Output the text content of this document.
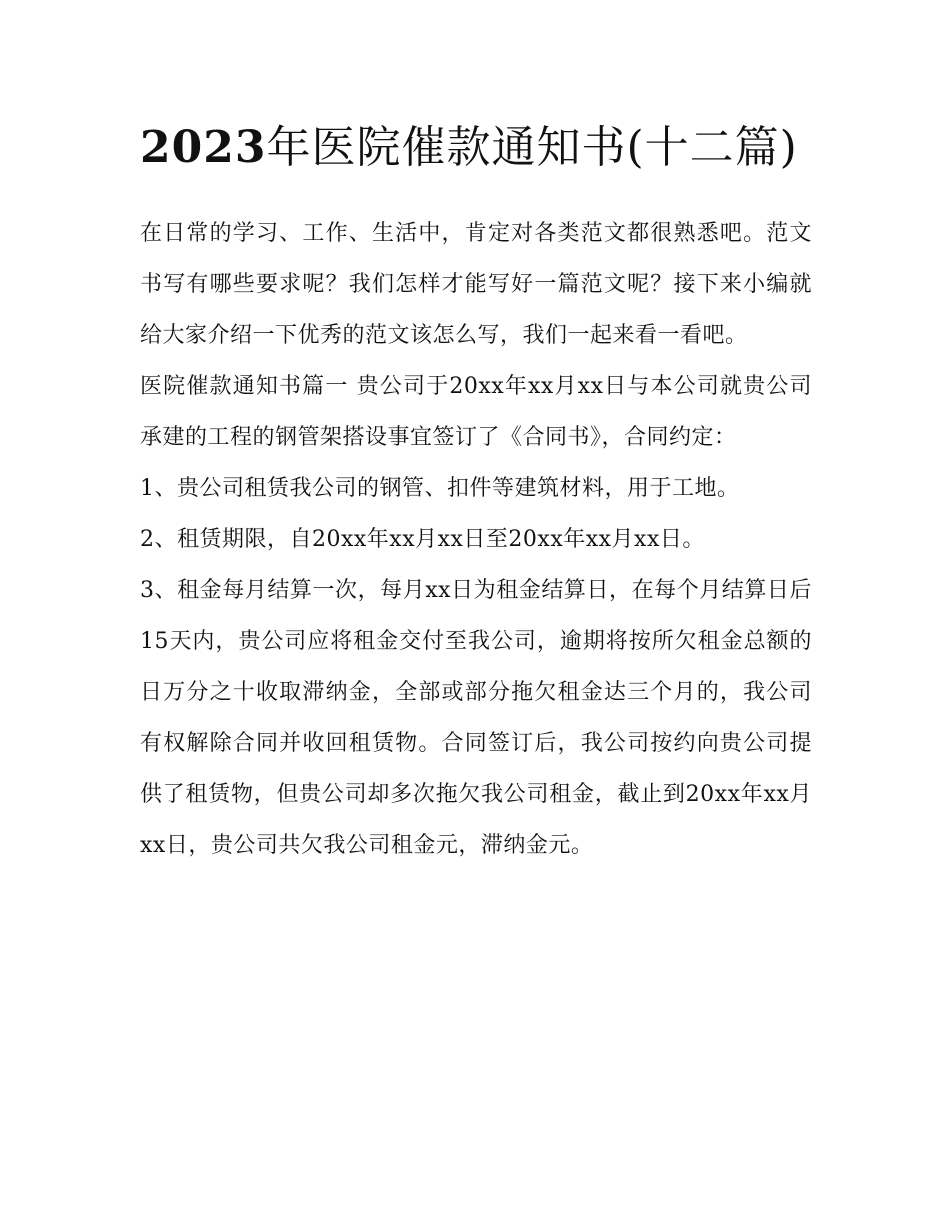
2023年医院催款通知书(十二篇)

在日常的学习、工作、生活中，肯定对各类范文都很熟悉吧。范文书写有哪些要求呢？我们怎样才能写好一篇范文呢？接下来小编就给大家介绍一下优秀的范文该怎么写，我们一起来看一看吧。

医院催款通知书篇一 贵公司于20xx年xx月xx日与本公司就贵公司承建的工程的钢管架搭设事宜签订了《合同书》，合同约定：

1、贵公司租赁我公司的钢管、扣件等建筑材料，用于工地。

2、租赁期限，自20xx年xx月xx日至20xx年xx月xx日。

3、租金每月结算一次，每月xx日为租金结算日，在每个月结算日后15天内，贵公司应将租金交付至我公司，逾期将按所欠租金总额的日万分之十收取滞纳金，全部或部分拖欠租金达三个月的，我公司有权解除合同并收回租赁物。合同签订后，我公司按约向贵公司提供了租赁物，但贵公司却多次拖欠我公司租金，截止到20xx年xx月xx日，贵公司共欠我公司租金元，滞纳金元。
